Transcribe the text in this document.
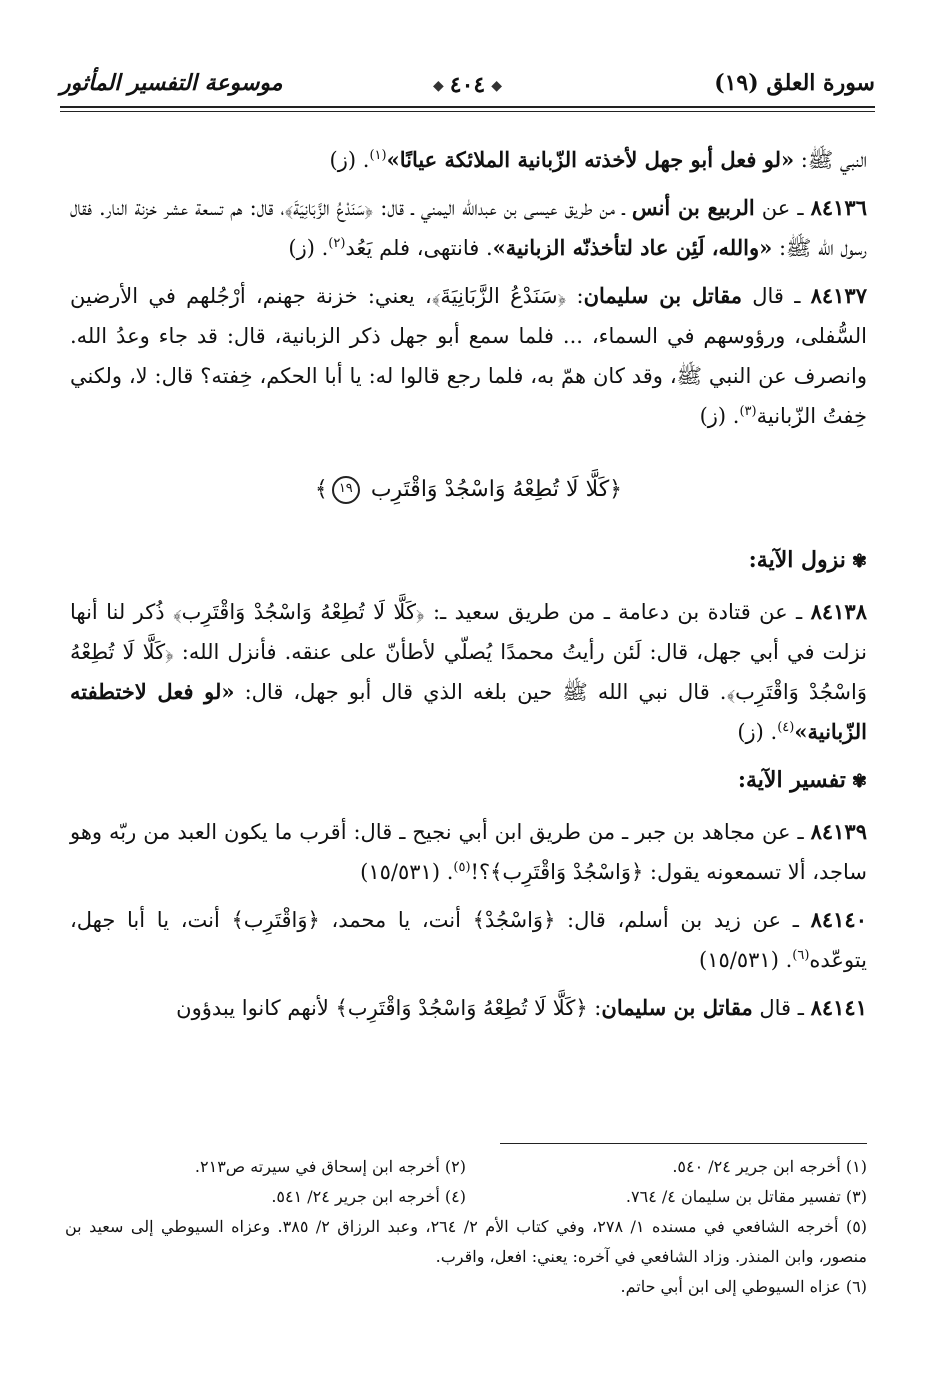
سورة العلق (١٩)
◆٤٠٤◆
موسوعة التفسير المأثور

النبي ﷺ: «لو فعل أبو جهل لأخذته الزّبانية الملائكة عيانًا»$^{(١)}$. (ز)

٨٤١٣٦ ـ عن الربيع بن أنس ـ من طريق عيسى بن عبدالله اليمني ـ قال: ﴿سَنَدْعُ الزَّبَانِيَةَ﴾، قال: هم تسعة عشر خزنة النار. فقال رسول الله ﷺ: «والله، لَئِن عاد لتأخذنّه الزبانية». فانتهى، فلم يَعُد$^{(٢)}$. (ز)

٨٤١٣٧ ـ قال مقاتل بن سليمان: ﴿سَنَدْعُ الزَّبَانِيَةَ﴾، يعني: خزنة جهنم، أرْجُلهم في الأرضين السُّفلى، ورؤوسهم في السماء، ... فلما سمع أبو جهل ذكر الزبانية، قال: قد جاء وعدُ الله. وانصرف عن النبي ﷺ، وقد كان همّ به، فلما رجع قالوا له: يا أبا الحكم، خِفته؟ قال: لا، ولكني خِفتُ الزّبانية$^{(٣)}$. (ز)

﴿كَلَّا لَا تُطِعْهُ وَاسْجُدْ وَاقْتَرِب ١٩﴾
✾نزول الآية:

٨٤١٣٨ ـ عن قتادة بن دعامة ـ من طريق سعيد ـ: ﴿كَلَّا لَا تُطِعْهُ وَاسْجُدْ وَاقْتَرِب﴾ ذُكر لنا أنها نزلت في أبي جهل، قال: لَئن رأيتُ محمدًا يُصلّي لأطأنّ على عنقه. فأنزل الله: ﴿كَلَّا لَا تُطِعْهُ وَاسْجُدْ وَاقْتَرِب﴾. قال نبي الله ﷺ حين بلغه الذي قال أبو جهل، قال: «لو فعل لاختطفته الزّبانية»$^{(٤)}$. (ز)

✾تفسير الآية:

٨٤١٣٩ ـ عن مجاهد بن جبر ـ من طريق ابن أبي نجيح ـ قال: أقرب ما يكون العبد من ربّه وهو ساجد، ألا تسمعونه يقول: ﴿وَاسْجُدْ وَاقْتَرِب﴾؟!$^{(٥)}$. (١٥/٥٣١)

٨٤١٤٠ ـ عن زيد بن أسلم، قال: ﴿وَاسْجُدْ﴾ أنت، يا محمد، ﴿وَاقْتَرِب﴾ أنت، يا أبا جهل، يتوعّده$^{(٦)}$. (١٥/٥٣١)

٨٤١٤١ ـ قال مقاتل بن سليمان: ﴿كَلَّا لَا تُطِعْهُ وَاسْجُدْ وَاقْتَرِب﴾ لأنهم كانوا يبدؤون

(١) أخرجه ابن جرير ٢٤/ ٥٤٠.
(٢) أخرجه ابن إسحاق في سيرته ص٢١٣.
(٣) تفسير مقاتل بن سليمان ٤/ ٧٦٤.
(٤) أخرجه ابن جرير ٢٤/ ٥٤١.
(٥) أخرجه الشافعي في مسنده ١/ ٢٧٨، وفي كتاب الأم ٢/ ٢٦٤، وعبد الرزاق ٢/ ٣٨٥. وعزاه السيوطي إلى سعيد بن منصور، وابن المنذر. وزاد الشافعي في آخره: يعني: افعل، واقرب.
(٦) عزاه السيوطي إلى ابن أبي حاتم.
